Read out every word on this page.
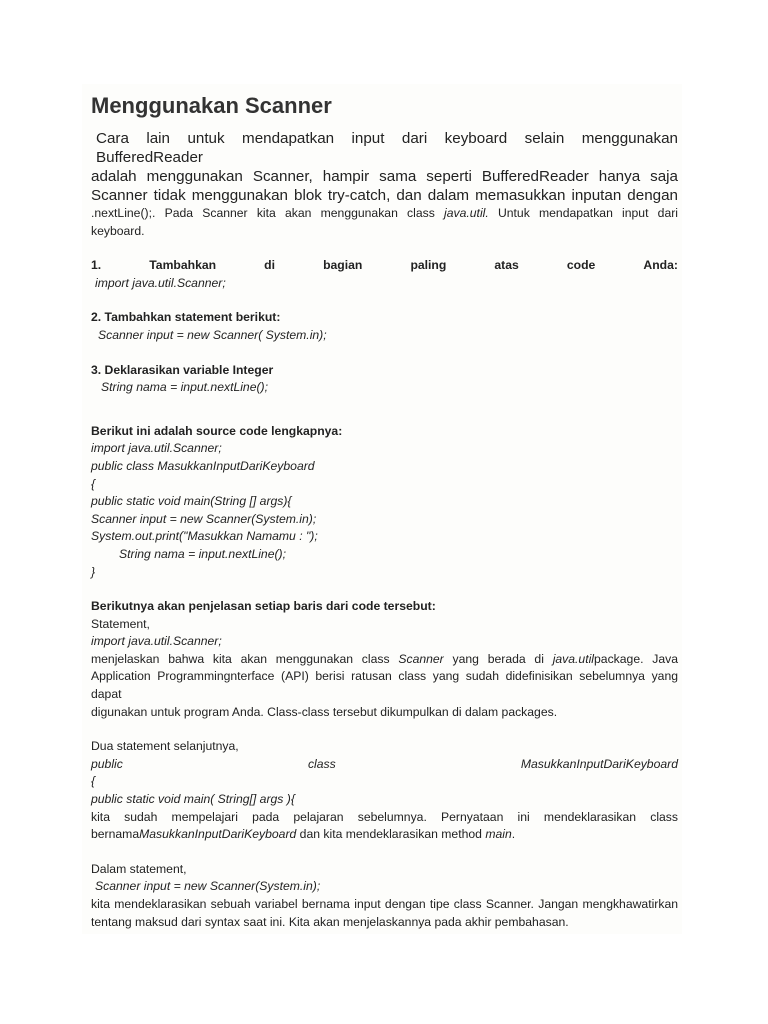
Menggunakan Scanner
Cara lain untuk mendapatkan input dari keyboard selain menggunakan BufferedReader
adalah menggunakan Scanner, hampir sama seperti BufferedReader hanya saja
Scanner tidak menggunakan blok try-catch, dan dalam memasukkan inputan dengan
.nextLine();. Pada Scanner kita akan menggunakan class java.util. Untuk mendapatkan input dari
keyboard.
1.	Tambahkan	di	bagian	paling	atas	code	Anda:
import java.util.Scanner;
2. Tambahkan statement berikut:
Scanner input = new Scanner( System.in);
3. Deklarasikan variable Integer
String nama = input.nextLine();
Berikut ini adalah source code lengkapnya:
import java.util.Scanner;
public class MasukkanInputDariKeyboard
{
public static void main(String [] args){
Scanner input = new Scanner(System.in);
System.out.print("Masukkan Namamu : ");
String nama = input.nextLine();
}
Berikutnya akan penjelasan setiap baris dari code tersebut:
Statement,
import java.util.Scanner;
menjelaskan bahwa kita akan menggunakan class Scanner yang berada di java.utilpackage. Java
Application Programmingnterface (API) berisi ratusan class yang sudah didefinisikan sebelumnya yang
dapat
digunakan untuk program Anda. Class-class tersebut dikumpulkan di dalam packages.
Dua statement selanjutnya,
public	class	MasukkanInputDariKeyboard
{
public static void main( String[] args ){
kita sudah mempelajari pada pelajaran sebelumnya. Pernyataan ini mendeklarasikan class
bernamaMasukkanInputDariKeyboard dan kita mendeklarasikan method main.
Dalam statement,
Scanner input = new Scanner(System.in);
kita mendeklarasikan sebuah variabel bernama input dengan tipe class Scanner. Jangan mengkhawatirkan
tentang maksud dari syntax saat ini. Kita akan menjelaskannya pada akhir pembahasan.
